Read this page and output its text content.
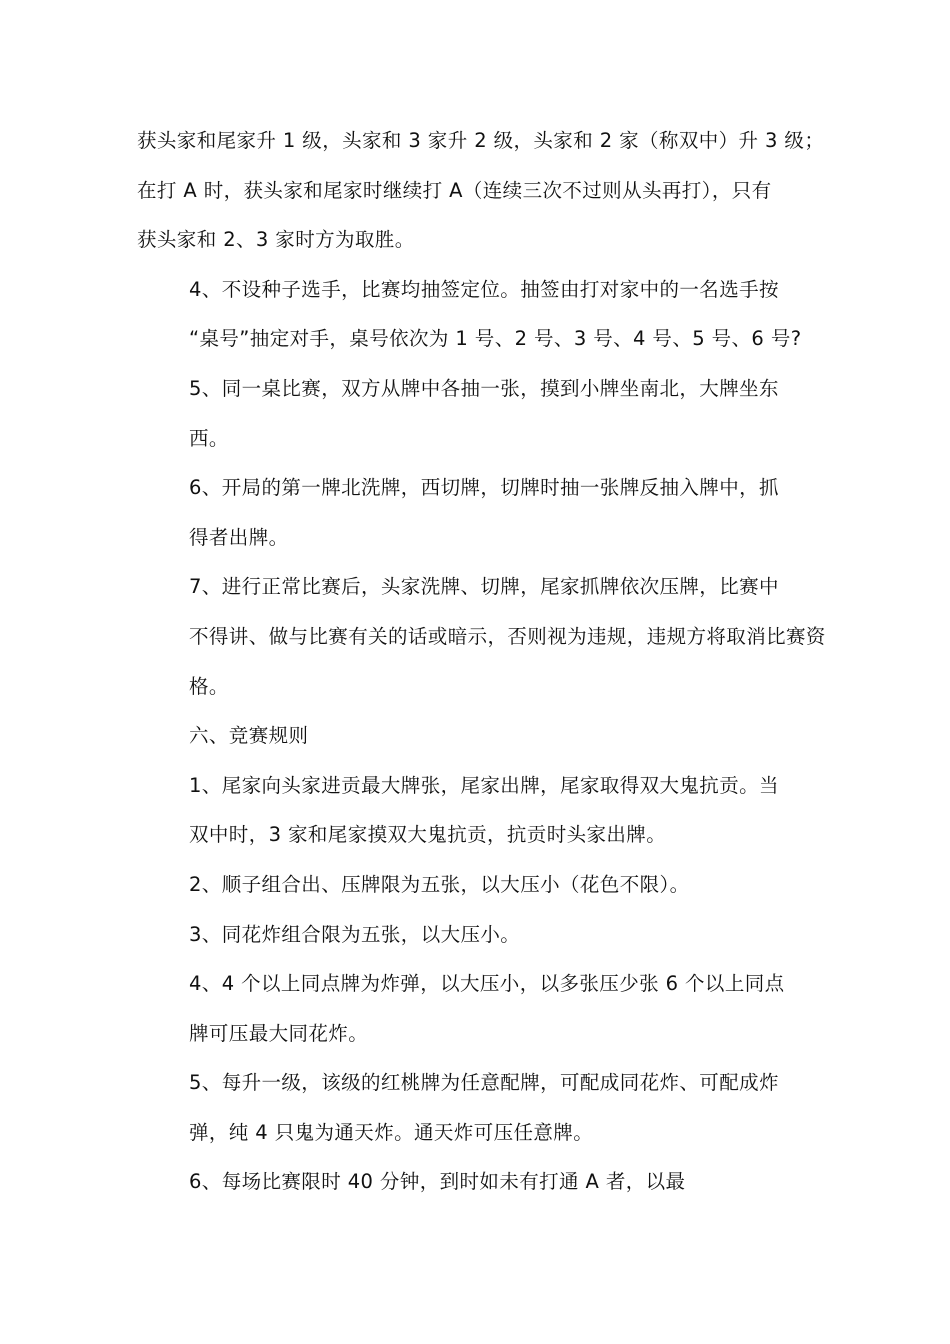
获头家和尾家升 1 级，头家和 3 家升 2 级，头家和 2 家（称双中）升 3 级；
在打 A 时，获头家和尾家时继续打 A（连续三次不过则从头再打），只有
获头家和 2、3 家时方为取胜。

4、不设种子选手，比赛均抽签定位。抽签由打对家中的一名选手按
“桌号”抽定对手，桌号依次为 1 号、2 号、3 号、4 号、5 号、6 号?

5、同一桌比赛，双方从牌中各抽一张，摸到小牌坐南北，大牌坐东
西。

6、开局的第一牌北洗牌，西切牌，切牌时抽一张牌反抽入牌中，抓
得者出牌。

7、进行正常比赛后，头家洗牌、切牌，尾家抓牌依次压牌，比赛中
不得讲、做与比赛有关的话或暗示，否则视为违规，违规方将取消比赛资
格。

六、竞赛规则

1、尾家向头家进贡最大牌张，尾家出牌，尾家取得双大鬼抗贡。当
双中时，3 家和尾家摸双大鬼抗贡，抗贡时头家出牌。

2、顺子组合出、压牌限为五张，以大压小（花色不限）。

3、同花炸组合限为五张，以大压小。

4、4 个以上同点牌为炸弹，以大压小，以多张压少张 6 个以上同点
牌可压最大同花炸。

5、每升一级，该级的红桃牌为任意配牌，可配成同花炸、可配成炸
弹，纯 4 只鬼为通天炸。通天炸可压任意牌。

6、每场比赛限时 40 分钟，到时如未有打通 A 者，以最
